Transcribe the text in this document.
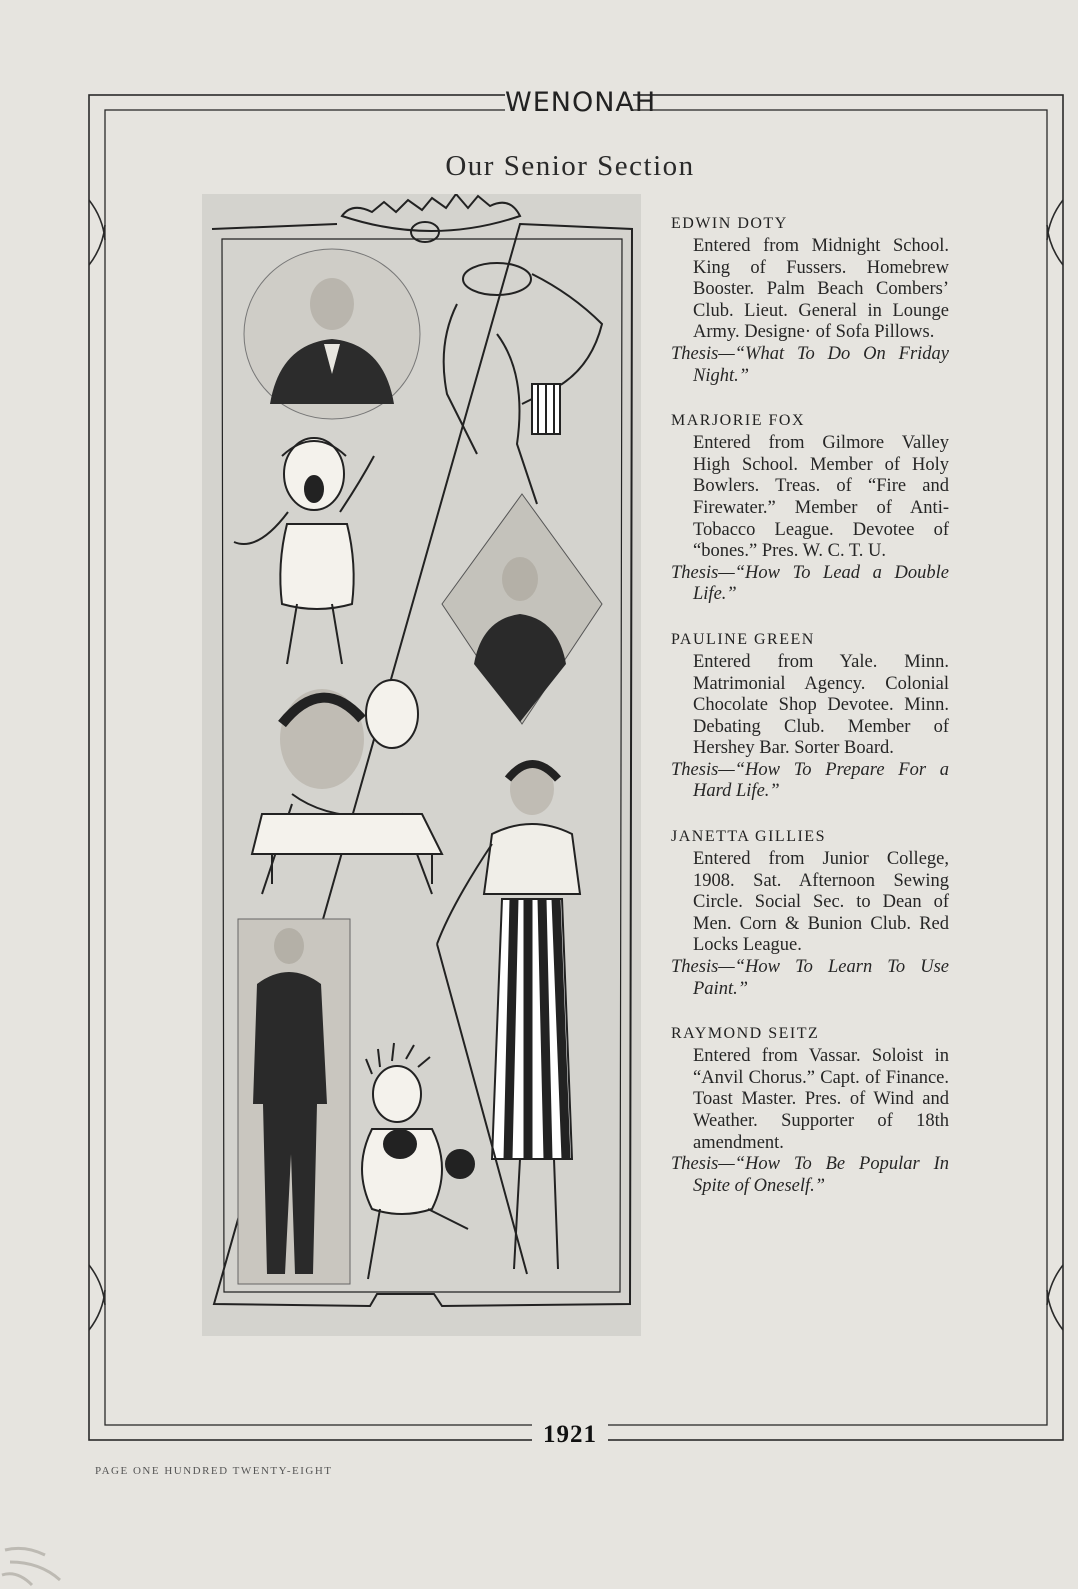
WENONAH
1921
Our Senior Section
EDWIN DOTY
Entered from Midnight School. King of Fussers. Homebrew Booster. Palm Beach Combers’ Club. Lieut. General in Lounge Army. Designe· of Sofa Pillows.
Thesis—“What To Do On Friday Night.”
MARJORIE FOX
Entered from Gilmore Valley High School. Member of Holy Bowlers. Treas. of “Fire and Firewater.” Member of Anti-Tobacco League. Devotee of “bones.” Pres. W. C. T. U.
Thesis—“How To Lead a Double Life.”
PAULINE GREEN
Entered from Yale. Minn. Matrimonial Agency. Colonial Chocolate Shop Devotee. Minn. Debating Club. Member of Hershey Bar. Sorter Board.
Thesis—“How To Prepare For a Hard Life.”
JANETTA GILLIES
Entered from Junior College, 1908. Sat. Afternoon Sewing Circle. Social Sec. to Dean of Men. Corn & Bunion Club. Red Locks League.
Thesis—“How To Learn To Use Paint.”
RAYMOND SEITZ
Entered from Vassar. Soloist in “Anvil Chorus.” Capt. of Finance. Toast Master. Pres. of Wind and Weather. Supporter of 18th amendment.
Thesis—“How To Be Popular In Spite of Oneself.”
PAGE ONE HUNDRED TWENTY-EIGHT
